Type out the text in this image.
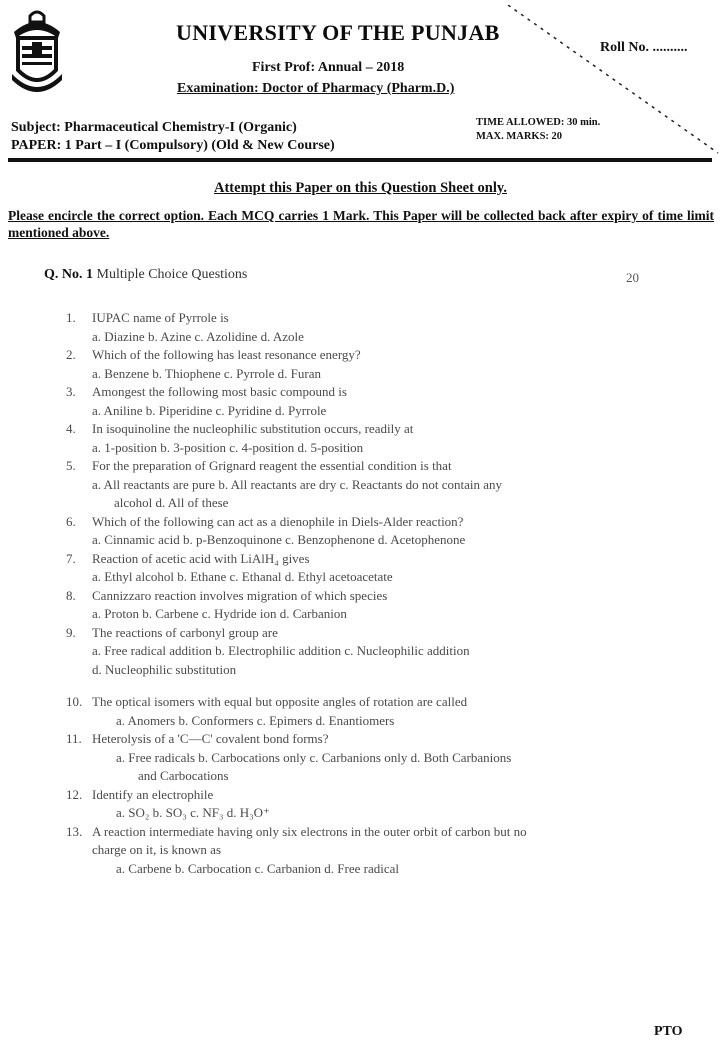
UNIVERSITY OF THE PUNJAB
Roll No. ..........
First Prof: Annual – 2018
Examination: Doctor of Pharmacy (Pharm.D.)
Subject: Pharmaceutical Chemistry-I (Organic)
PAPER: 1 Part – I (Compulsory) (Old & New Course)
TIME ALLOWED: 30 min.
MAX. MARKS: 20
Attempt this Paper on this Question Sheet only.
Please encircle the correct option. Each MCQ carries 1 Mark. This Paper will be collected back after expiry of time limit mentioned above.
Q. No. 1 Multiple Choice Questions	20
1.	IUPAC name of Pyrrole is
a. Diazine b. Azine c. Azolidine d. Azole
2.	Which of the following has least resonance energy?
a. Benzene b. Thiophene c. Pyrrole d. Furan
3.	Amongest the following most basic compound is
a. Aniline b. Piperidine c. Pyridine d. Pyrrole
4.	In isoquinoline the nucleophilic substitution occurs, readily at
a. 1-position b. 3-position c. 4-position d. 5-position
5.	For the preparation of Grignard reagent the essential condition is that
a. All reactants are pure b. All reactants are dry c. Reactants do not contain any
alcohol d. All of these
6.	Which of the following can act as a dienophile in Diels-Alder reaction?
a. Cinnamic acid b. p-Benzoquinone c. Benzophenone d. Acetophenone
7.	Reaction of acetic acid with LiAlH₄ gives
a. Ethyl alcohol b. Ethane c. Ethanal d. Ethyl acetoacetate
8.	Cannizzaro reaction involves migration of which species
a. Proton b. Carbene c. Hydride ion d. Carbanion
9.	The reactions of carbonyl group are
a. Free radical addition b. Electrophilic addition c. Nucleophilic addition
d. Nucleophilic substitution
10. The optical isomers with equal but opposite angles of rotation are called
a. Anomers b. Conformers c. Epimers d. Enantiomers
11. Heterolysis of a 'C—C' covalent bond forms?
a. Free radicals b. Carbocations only c. Carbanions only d. Both Carbanions
and Carbocations
12. Identify an electrophile
a. SO₂ b. SO₃ c. NF₃ d. H₃O⁺
13. A reaction intermediate having only six electrons in the outer orbit of carbon but no
charge on it, is known as
a. Carbene b. Carbocation c. Carbanion d. Free radical
PTO
